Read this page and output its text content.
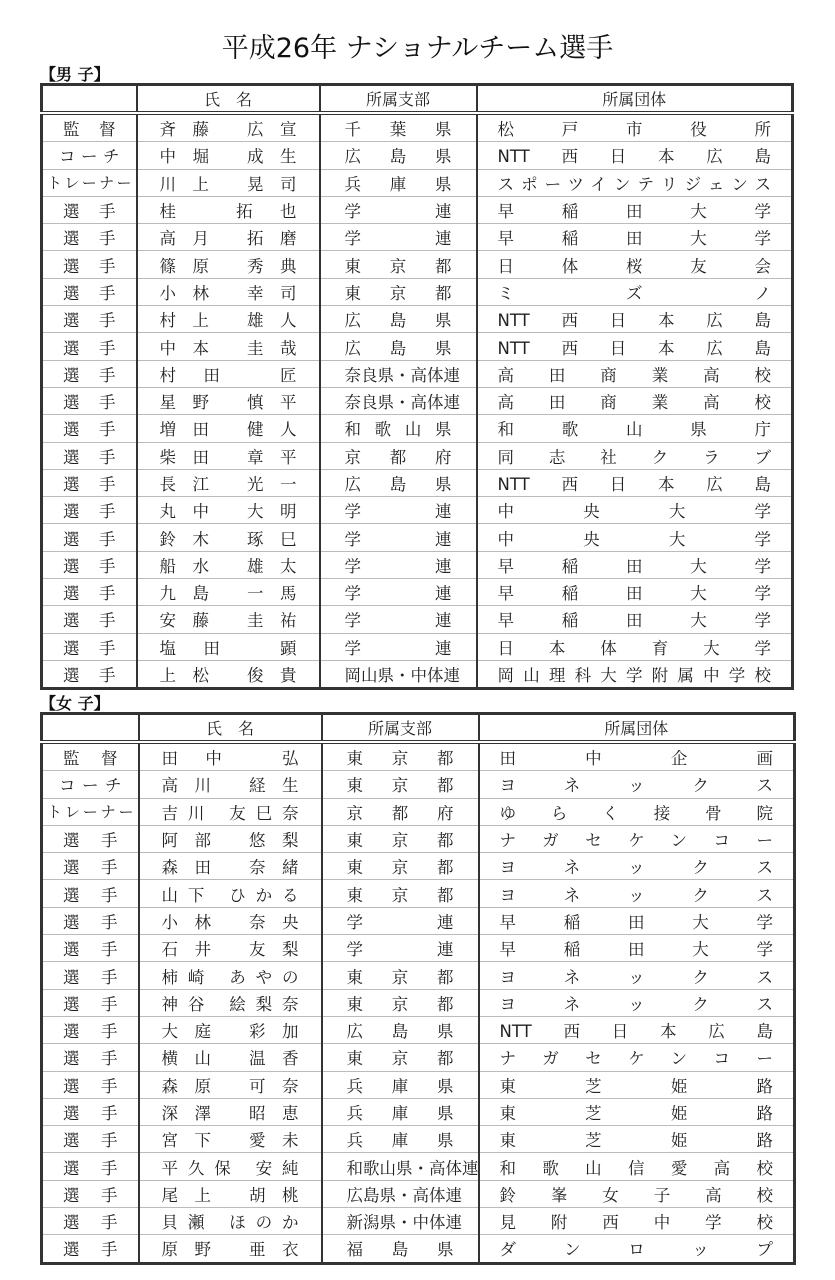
平成26年 ナショナルチーム選手
【男 子】
	氏　名	所属支部	所属団体

監督	斉藤 広宣	千葉県	松戸市役所

コーチ	中堀 成生	広島県	NTT西日本広島

トレーナー	川上 晃司	兵庫県	スポーツインテリジェンス

選手	桂 拓也	学連	早稲田大学

選手	高月 拓磨	学連	早稲田大学

選手	篠原 秀典	東京都	日体桜友会

選手	小林 幸司	東京都	ミズノ

選手	村上 雄人	広島県	NTT西日本広島

選手	中本 圭哉	広島県	NTT西日本広島

選手	村田 匠	奈良県・高体連	高田商業高校

選手	星野 慎平	奈良県・高体連	高田商業高校

選手	増田 健人	和歌山県	和歌山県庁

選手	柴田 章平	京都府	同志社クラブ

選手	長江 光一	広島県	NTT西日本広島

選手	丸中 大明	学連	中央大学

選手	鈴木 琢巳	学連	中央大学

選手	船水 雄太	学連	早稲田大学

選手	九島 一馬	学連	早稲田大学

選手	安藤 圭祐	学連	早稲田大学

選手	塩田 顕	学連	日本体育大学

選手	上松 俊貴	岡山県・中体連	岡山理科大学附属中学校
【女 子】
	氏　名	所属支部	所属団体

監督	田中 弘	東京都	田中企画

コーチ	高川 経生	東京都	ヨネックス

トレーナー	吉川 友巳奈	京都府	ゆらく接骨院

選手	阿部 悠梨	東京都	ナガセケンコー

選手	森田 奈緒	東京都	ヨネックス

選手	山下 ひかる	東京都	ヨネックス

選手	小林 奈央	学連	早稲田大学

選手	石井 友梨	学連	早稲田大学

選手	柿崎 あやの	東京都	ヨネックス

選手	神谷 絵梨奈	東京都	ヨネックス

選手	大庭 彩加	広島県	NTT西日本広島

選手	横山 温香	東京都	ナガセケンコー

選手	森原 可奈	兵庫県	東芝姫路

選手	深澤 昭恵	兵庫県	東芝姫路

選手	宮下 愛未	兵庫県	東芝姫路

選手	平久保 安純	和歌山県・高体連	和歌山信愛高校

選手	尾上 胡桃	広島県・高体連	鈴峯女子高校

選手	貝瀬 ほのか	新潟県・中体連	見附西中学校

選手	原野 亜衣	福島県	ダンロップ
